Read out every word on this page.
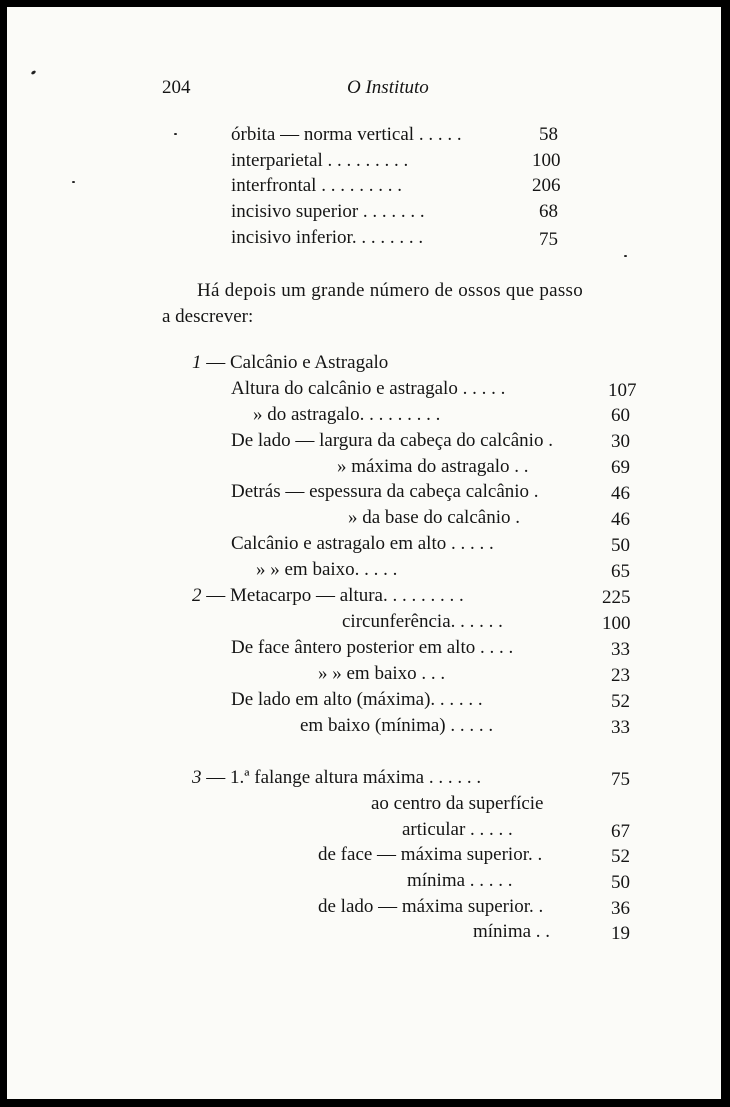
204	O Instituto
órbita — norma vertical . . . . .	58
interparietal . . . . . . . . .	100
interfrontal . . . . . . . . .	206
incisivo superior . . . . . . .	68
incisivo inferior. . . . . . . .	75
Há depois um grande número de ossos que passo
a descrever:
1 — Calcânio e Astragalo
Altura do calcânio e astragalo . . . . .	107
» do astragalo. . . . . . . . .	60
De lado — largura da cabeça do calcânio .	30
» máxima do astragalo . .	69
Detrás — espessura da cabeça calcânio .	46
» da base do calcânio .	46
Calcânio e astragalo em alto . . . . .	50
» » em baixo. . . . .	65
2 — Metacarpo — altura. . . . . . . . .	225
circunferência. . . . . .	100
De face ântero posterior em alto . . . .	33
» » em baixo . . .	23
De lado em alto (máxima). . . . . .	52
em baixo (mínima) . . . . .	33
3 — 1.ª falange altura máxima . . . . . .	75
ao centro da superfície
articular . . . . .	67
de face — máxima superior. .	52
mínima . . . . .	50
de lado — máxima superior. .	36
mínima . .	19
